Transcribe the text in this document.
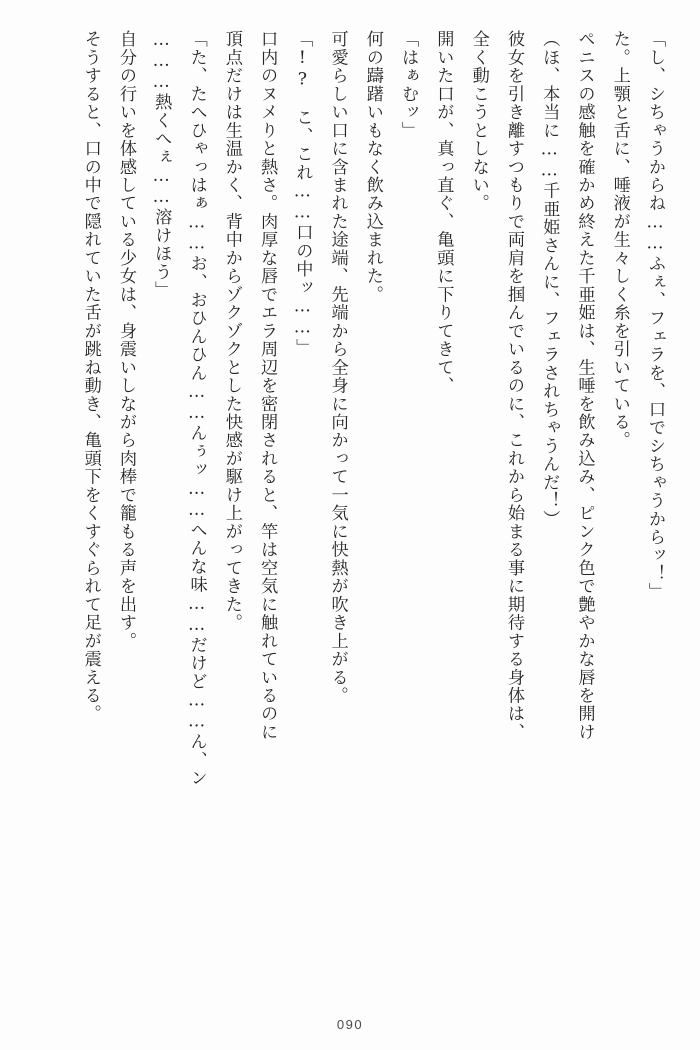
「し、シちゃうからね……ふぇ、フェラを、口でシちゃうからッ！」

た。上顎と舌に、唾液が生々しく糸を引いている。

ペニスの感触を確かめ終えた千亜姫は、生唾を飲み込み、ピンク色で艶やかな唇を開け

（ほ、本当に……千亜姫さんに、フェラされちゃうんだ！）

彼女を引き離すつもりで両肩を掴んでいるのに、これから始まる事に期待する身体は、

全く動こうとしない。

開いた口が、真っ直ぐ、亀頭に下りてきて、

「はぁむッ」

何の躊躇いもなく飲み込まれた。

可愛らしい口に含まれた途端、先端から全身に向かって一気に快熱が吹き上がる。

「!?　こ、これ……口の中ッ……」

口内のヌメりと熱さ。肉厚な唇でエラ周辺を密閉されると、竿は空気に触れているのに

頂点だけは生温かく、背中からゾクゾクとした快感が駆け上がってきた。

「た、たへひゃっはぁ……お、おひんひん……んぅッ……へんな味……だけど……ん、ン

………熱くへぇ……溶けほう」

自分の行いを体感している少女は、身震いしながら肉棒で籠もる声を出す。

そうすると、口の中で隠れていた舌が跳ね動き、亀頭下をくすぐられて足が震える。

090
